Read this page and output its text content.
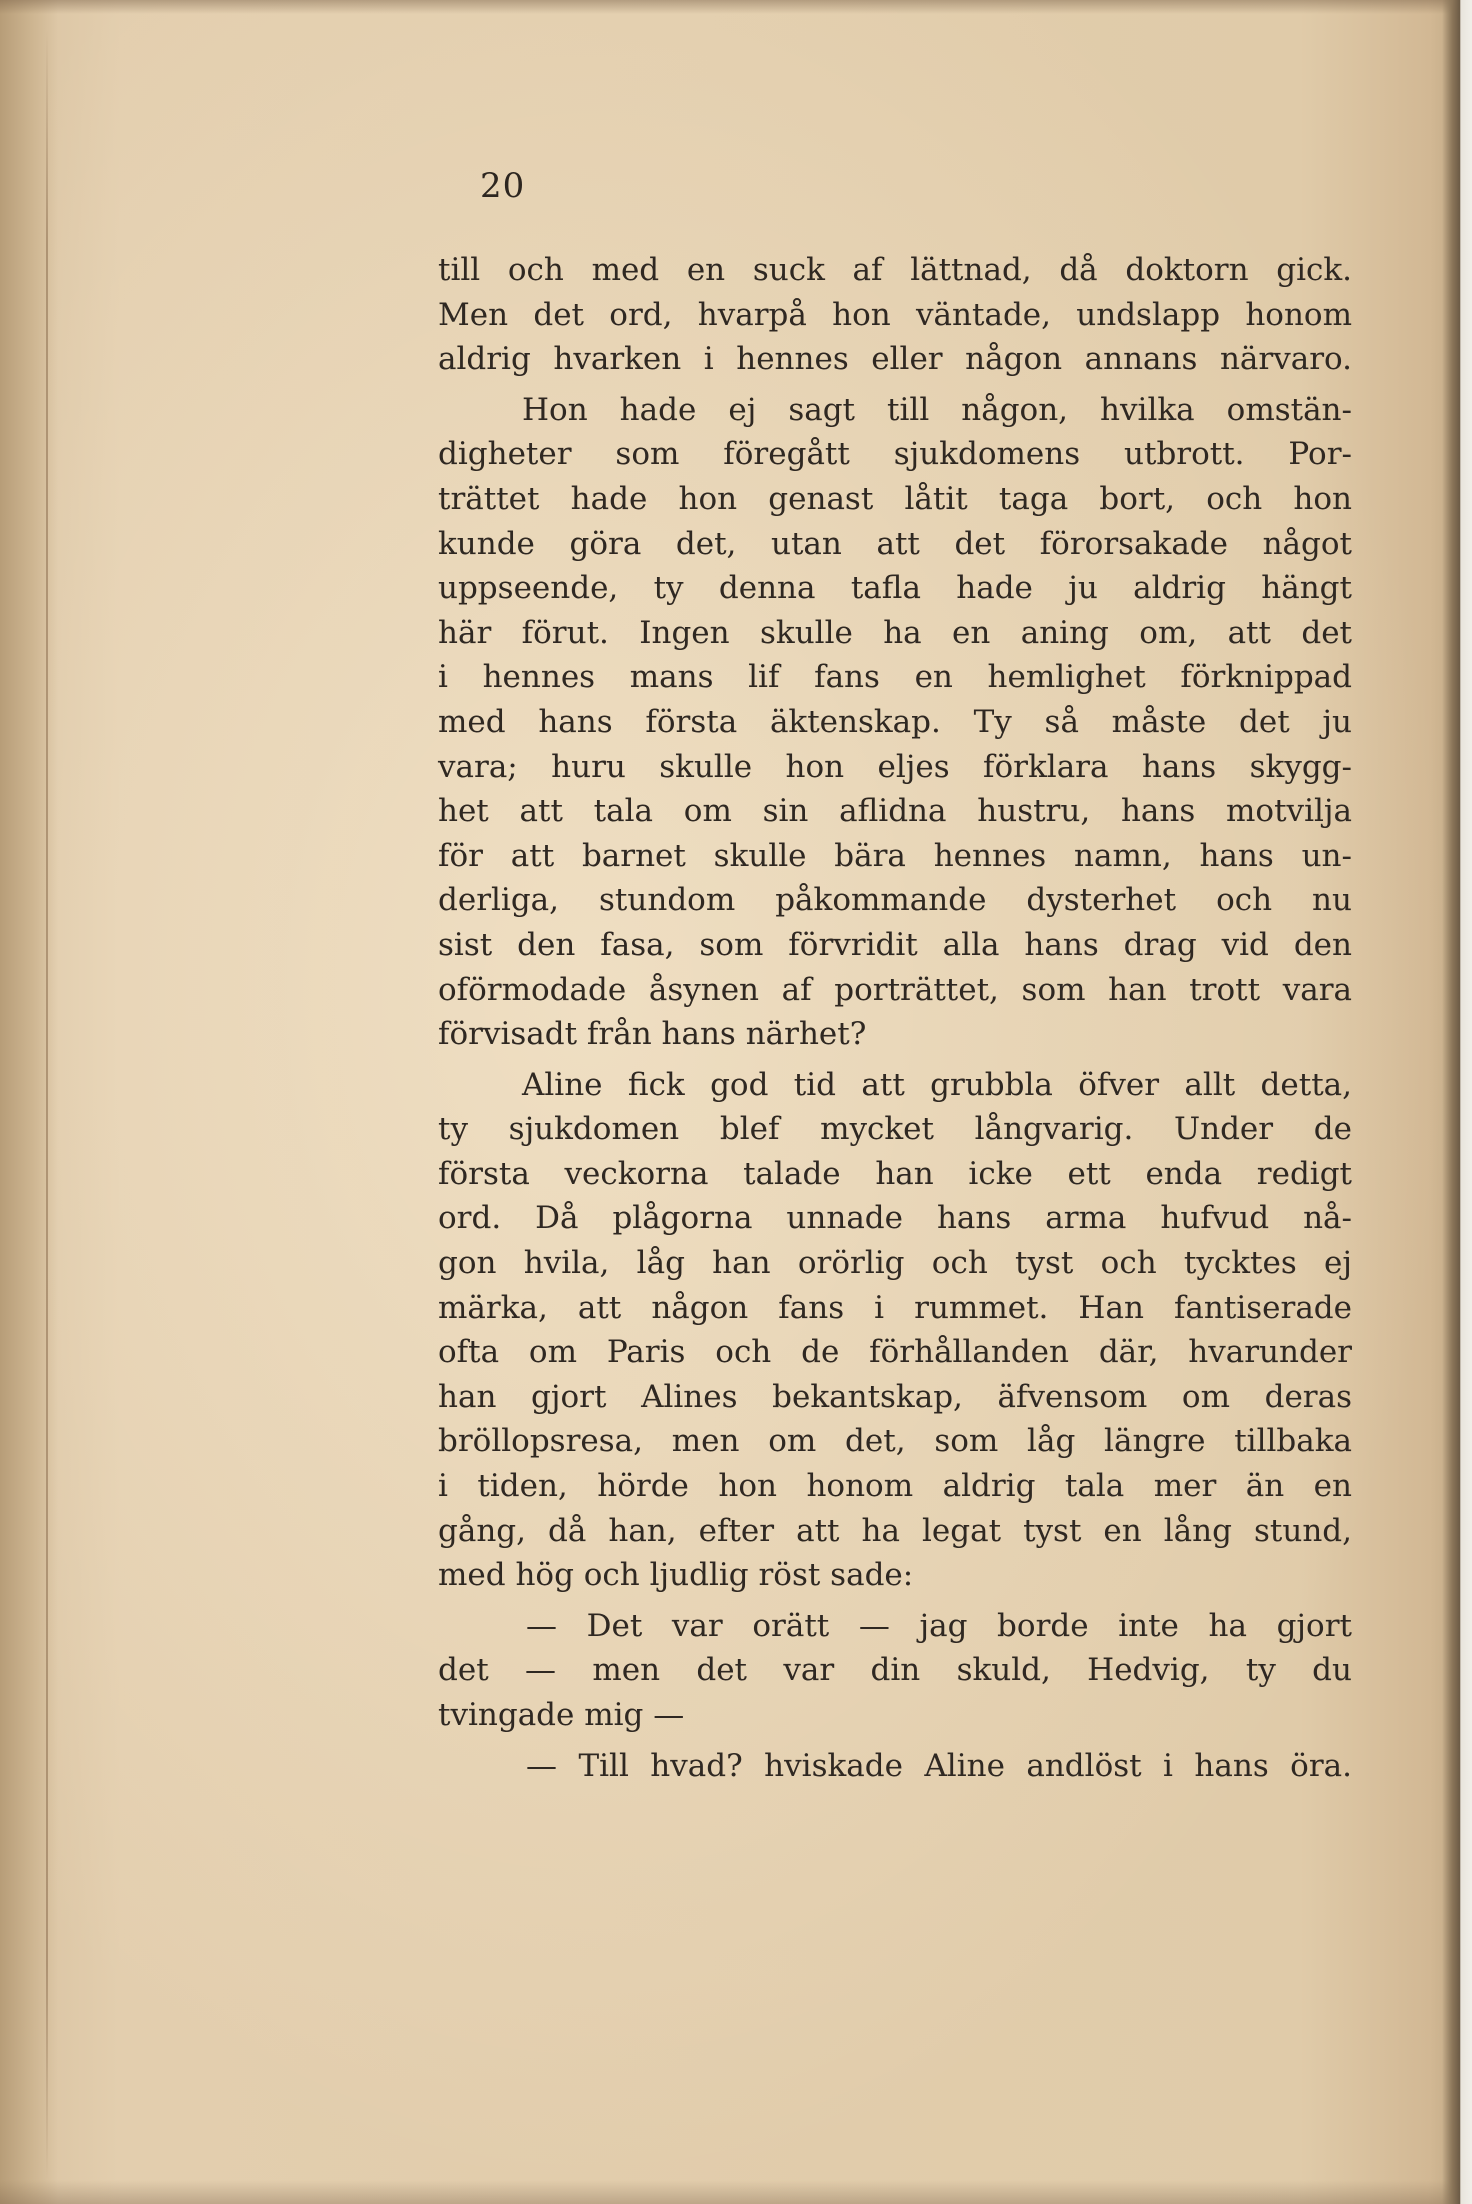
20

till och med en suck af lättnad, då doktorn gick.
Men det ord, hvarpå hon väntade, undslapp honom
aldrig hvarken i hennes eller någon annans närvaro.

Hon hade ej sagt till någon, hvilka omstän-
digheter som föregått sjukdomens utbrott. Por-
trättet hade hon genast låtit taga bort, och hon
kunde göra det, utan att det förorsakade något
uppseende, ty denna tafla hade ju aldrig hängt
här förut. Ingen skulle ha en aning om, att det
i hennes mans lif fans en hemlighet förknippad
med hans första äktenskap. Ty så måste det ju
vara; huru skulle hon eljes förklara hans skygg-
het att tala om sin aflidna hustru, hans motvilja
för att barnet skulle bära hennes namn, hans un-
derliga, stundom påkommande dysterhet och nu
sist den fasa, som förvridit alla hans drag vid den
oförmodade åsynen af porträttet, som han trott vara
förvisadt från hans närhet?

Aline fick god tid att grubbla öfver allt detta,
ty sjukdomen blef mycket långvarig. Under de
första veckorna talade han icke ett enda redigt
ord. Då plågorna unnade hans arma hufvud nå-
gon hvila, låg han orörlig och tyst och tycktes ej
märka, att någon fans i rummet. Han fantiserade
ofta om Paris och de förhållanden där, hvarunder
han gjort Alines bekantskap, äfvensom om deras
bröllopsresa, men om det, som låg längre tillbaka
i tiden, hörde hon honom aldrig tala mer än en
gång, då han, efter att ha legat tyst en lång stund,
med hög och ljudlig röst sade:

— Det var orätt — jag borde inte ha gjort
det — men det var din skuld, Hedvig, ty du
tvingade mig —

— Till hvad? hviskade Aline andlöst i hans öra.
